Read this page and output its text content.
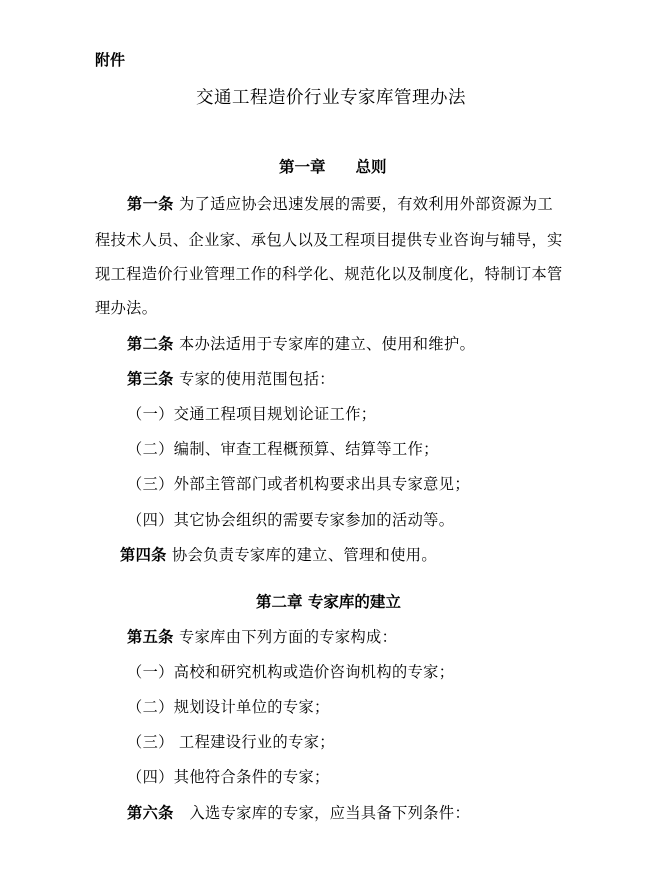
附件
交通工程造价行业专家库管理办法
第一章 总则
第一条 为了适应协会迅速发展的需要，有效利用外部资源为工
程技术人员、企业家、承包人以及工程项目提供专业咨询与辅导，实
现工程造价行业管理工作的科学化、规范化以及制度化，特制订本管
理办法。
第二条 本办法适用于专家库的建立、使用和维护。
第三条 专家的使用范围包括：
（一）交通工程项目规划论证工作；
（二）编制、审查工程概预算、结算等工作；
（三）外部主管部门或者机构要求出具专家意见；
（四）其它协会组织的需要专家参加的活动等。
第四条 协会负责专家库的建立、管理和使用。
第二章 专家库的建立
第五条 专家库由下列方面的专家构成：
（一）高校和研究机构或造价咨询机构的专家；
（二）规划设计单位的专家；
（三） 工程建设行业的专家；
（四）其他符合条件的专家；
第六条 入选专家库的专家，应当具备下列条件：
